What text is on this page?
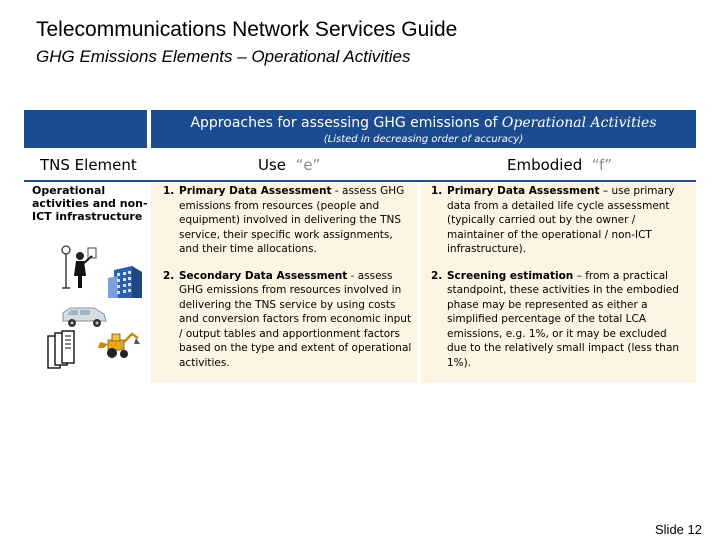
Telecommunications Network Services Guide
GHG Emissions Elements – Operational Activities
Approaches for assessing GHG emissions of Operational Activities
(Listed in decreasing order of accuracy)
TNS Element	Use “e”	Embodied “f”
Operational activities and non-ICT infrastructure
1. Primary Data Assessment - assess GHG emissions from resources (people and equipment) involved in delivering the TNS service, their specific work assignments, and their time allocations.
2. Secondary Data Assessment - assess GHG emissions from resources involved in delivering the TNS service by using costs and conversion factors from economic input / output tables and apportionment factors based on the type and extent of operational activities.
1. Primary Data Assessment – use primary data from a detailed life cycle assessment (typically carried out by the owner / maintainer of the operational / non-ICT infrastructure).
2. Screening estimation – from a practical standpoint, these activities in the embodied phase may be represented as either a simplified percentage of the total LCA emissions, e.g. 1%, or it may be excluded due to the relatively small impact (less than 1%).
Slide 12
